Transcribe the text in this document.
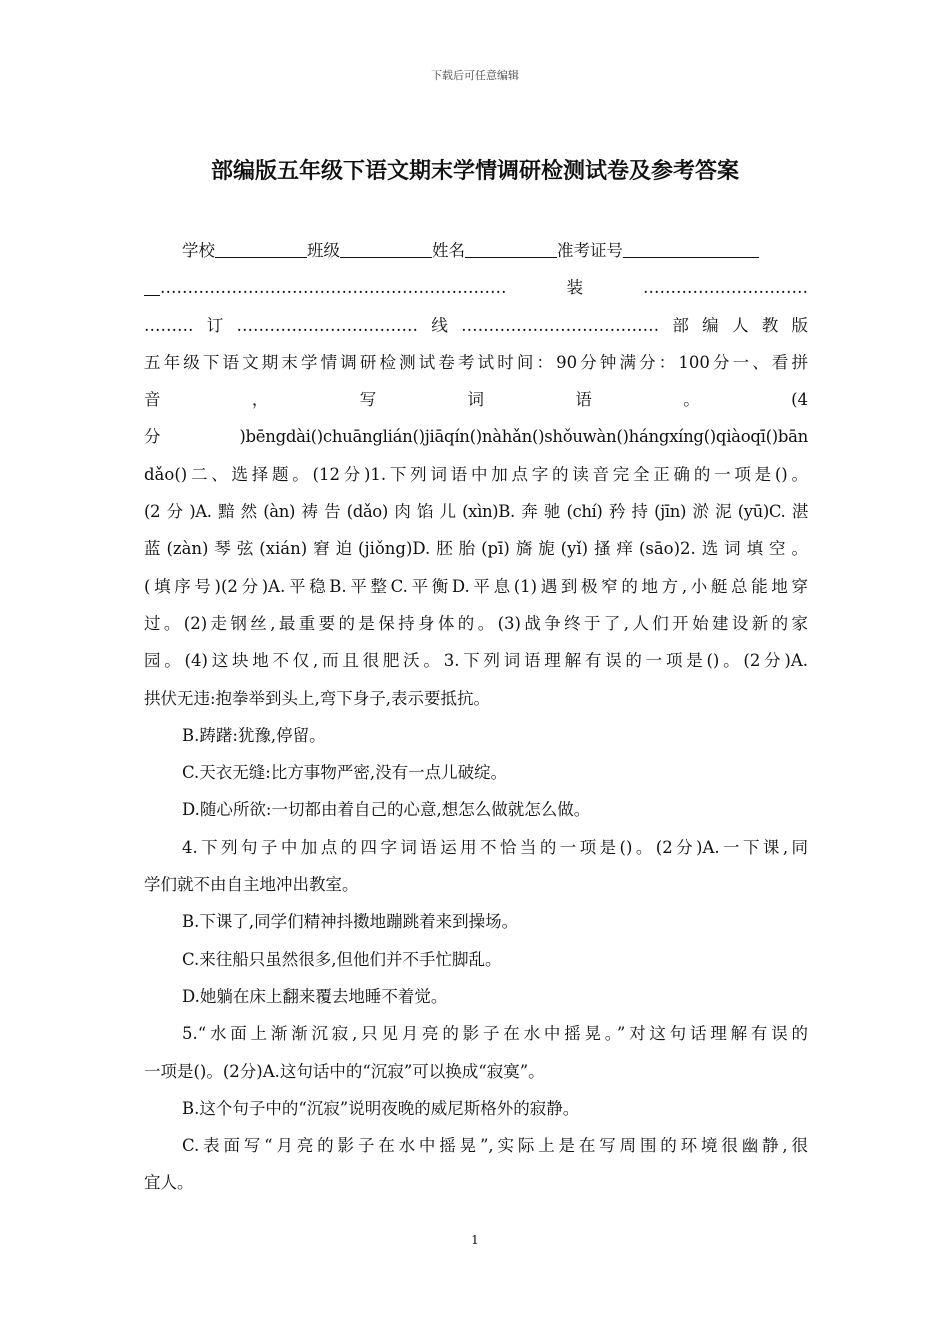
下载后可任意编辑
部编版五年级下语文期末学情调研检测试卷及参考答案

学校	班级	姓名	准考证号

………………………………………………………装…………………………

………订……………………………线………………………………部编人教版

五年级下语文期末学情调研检测试卷考试时间：90分钟满分：100分一、看拼

音	，	写	词	语	。	(4

分)bēngdài()chuānglián()jiāqín()nàhǎn()shǒuwàn()hángxíng()qiàoqī()bān

dǎo()二、选择题。(12分)1.下列词语中加点字的读音完全正确的一项是()。

(2分)A.黯然(àn)祷告(dǎo)肉馅儿(xìn)B.奔驰(chí)矜持(jīn)淤泥(yū)C.湛

蓝(zàn)琴弦(xián)窘迫(jiǒng)D.胚胎(pī)旖旎(yǐ)搔痒(sāo)2.选词填空。

(填序号)(2分)A.平稳B.平整C.平衡D.平息(1)遇到极窄的地方,小艇总能地穿

过。(2)走钢丝,最重要的是保持身体的。(3)战争终于了,人们开始建设新的家

园。(4)这块地不仅,而且很肥沃。3.下列词语理解有误的一项是()。(2分)A.

拱伏无违:抱拳举到头上,弯下身子,表示要抵抗。

B.踌躇:犹豫,停留。

C.天衣无缝:比方事物严密,没有一点儿破绽。

D.随心所欲:一切都由着自己的心意,想怎么做就怎么做。

4.下列句子中加点的四字词语运用不恰当的一项是()。(2分)A.一下课,同

学们就不由自主地冲出教室。

B.下课了,同学们精神抖擞地蹦跳着来到操场。

C.来往船只虽然很多,但他们并不手忙脚乱。

D.她躺在床上翻来覆去地睡不着觉。

5.“水面上渐渐沉寂,只见月亮的影子在水中摇晃。”对这句话理解有误的

一项是()。(2分)A.这句话中的“沉寂”可以换成“寂寞”。

B.这个句子中的“沉寂”说明夜晚的威尼斯格外的寂静。

C.表面写“月亮的影子在水中摇晃”,实际上是在写周围的环境很幽静,很

宜人。

1
